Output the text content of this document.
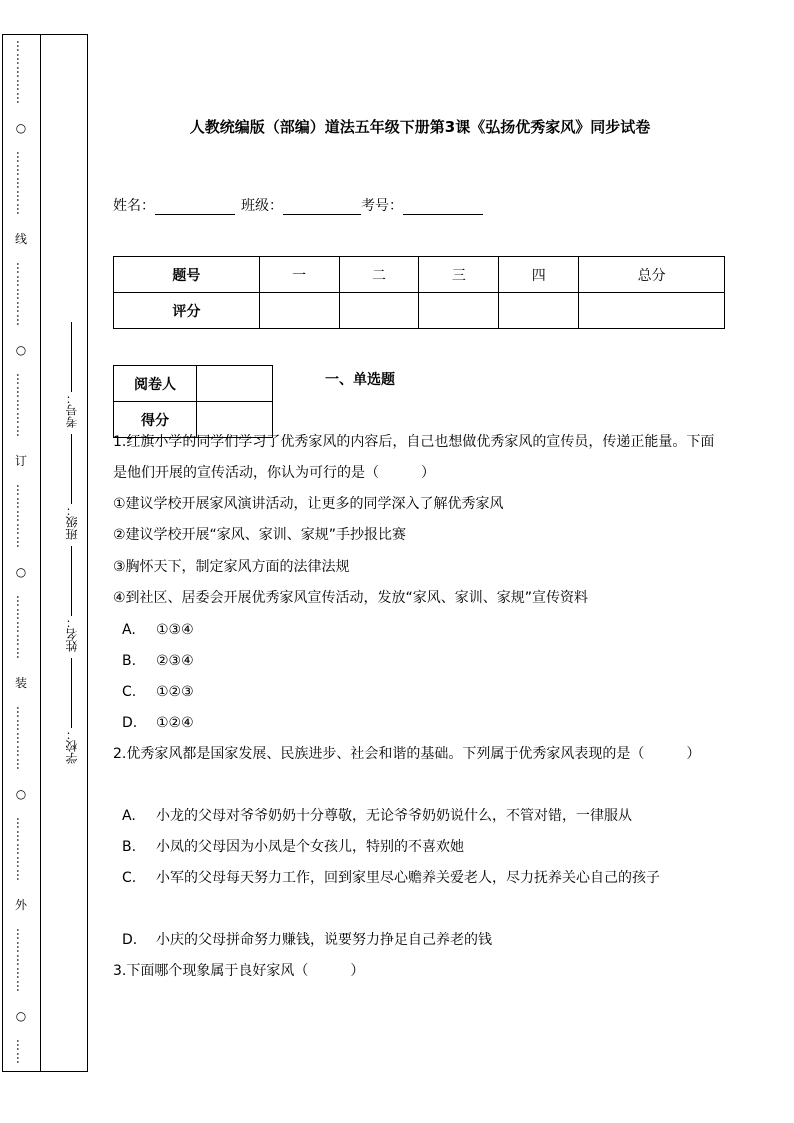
……………
○
……………
线
……………
○
……………
订
……………
○
……………
装
……………
○
……………
外
……………
○
……
考号：
班级：
姓名：
学校：
人教统编版（部编）道法五年级下册第3课《弘扬优秀家风》同步试卷
姓名：	班级：	考号：
题号	一	二	三	四	总分
评分					
阅卷人	
得分	
一、单选题
1.红旗小学的同学们学习了优秀家风的内容后，自己也想做优秀家风的宣传员，传递正能量。下面是他们开展的宣传活动，你认为可行的是（　　　）
①建议学校开展家风演讲活动，让更多的同学深入了解优秀家风
②建议学校开展“家风、家训、家规”手抄报比赛
③胸怀天下，制定家风方面的法律法规
④到社区、居委会开展优秀家风宣传活动，发放“家风、家训、家规”宣传资料
A. ①③④
B. ②③④
C. ①②③
D. ①②④
2.优秀家风都是国家发展、民族进步、社会和谐的基础。下列属于优秀家风表现的是（　　　）
A. 小龙的父母对爷爷奶奶十分尊敬，无论爷爷奶奶说什么，不管对错，一律服从
B. 小凤的父母因为小凤是个女孩儿，特别的不喜欢她
C. 小军的父母每天努力工作，回到家里尽心赡养关爱老人，尽力抚养关心自己的孩子
D. 小庆的父母拼命努力赚钱，说要努力挣足自己养老的钱
3.下面哪个现象属于良好家风（　　　）
